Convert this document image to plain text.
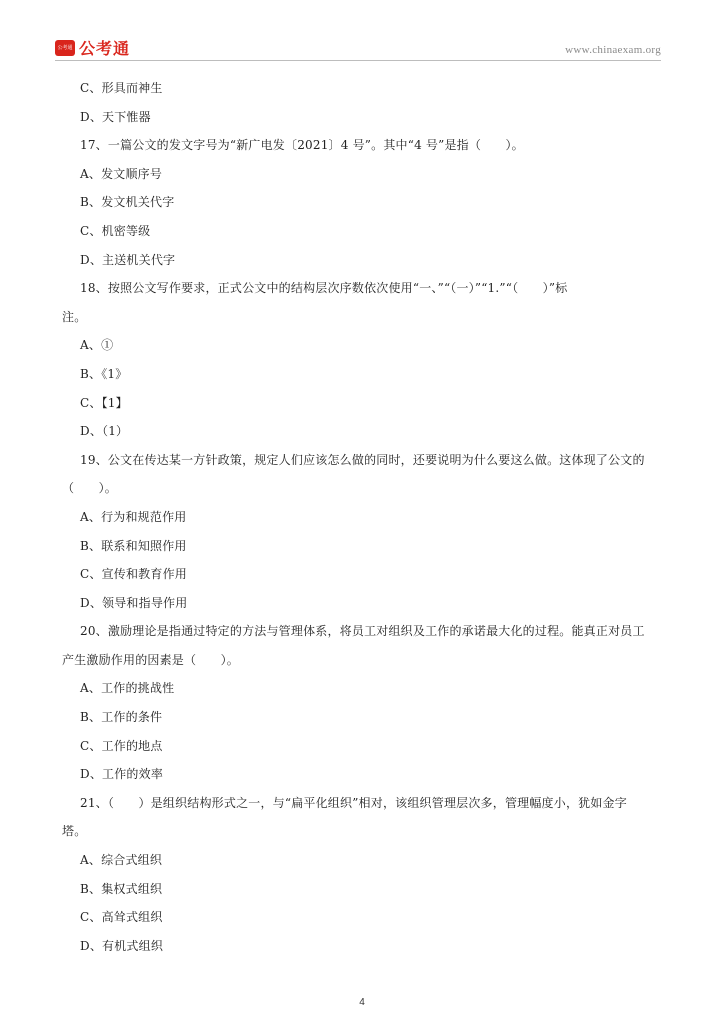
公考通 公考通	www.chinaexam.org
C、形具而神生
D、天下惟器
17、一篇公文的发文字号为“新广电发〔2021〕4 号”。其中“4 号”是指（　　）。
A、发文顺序号
B、发文机关代字
C、机密等级
D、主送机关代字
18、按照公文写作要求，正式公文中的结构层次序数依次使用“一、”“（一）”“1.”“（　　）”标
注。
A、①
B、《1》
C、【1】
D、（1）
19、公文在传达某一方针政策，规定人们应该怎么做的同时，还要说明为什么要这么做。这体现了公文的
（　　）。
A、行为和规范作用
B、联系和知照作用
C、宣传和教育作用
D、领导和指导作用
20、激励理论是指通过特定的方法与管理体系，将员工对组织及工作的承诺最大化的过程。能真正对员工
产生激励作用的因素是（　　）。
A、工作的挑战性
B、工作的条件
C、工作的地点
D、工作的效率
21、（　　）是组织结构形式之一，与“扁平化组织”相对，该组织管理层次多，管理幅度小，犹如金字
塔。
A、综合式组织
B、集权式组织
C、高耸式组织
D、有机式组织
4
